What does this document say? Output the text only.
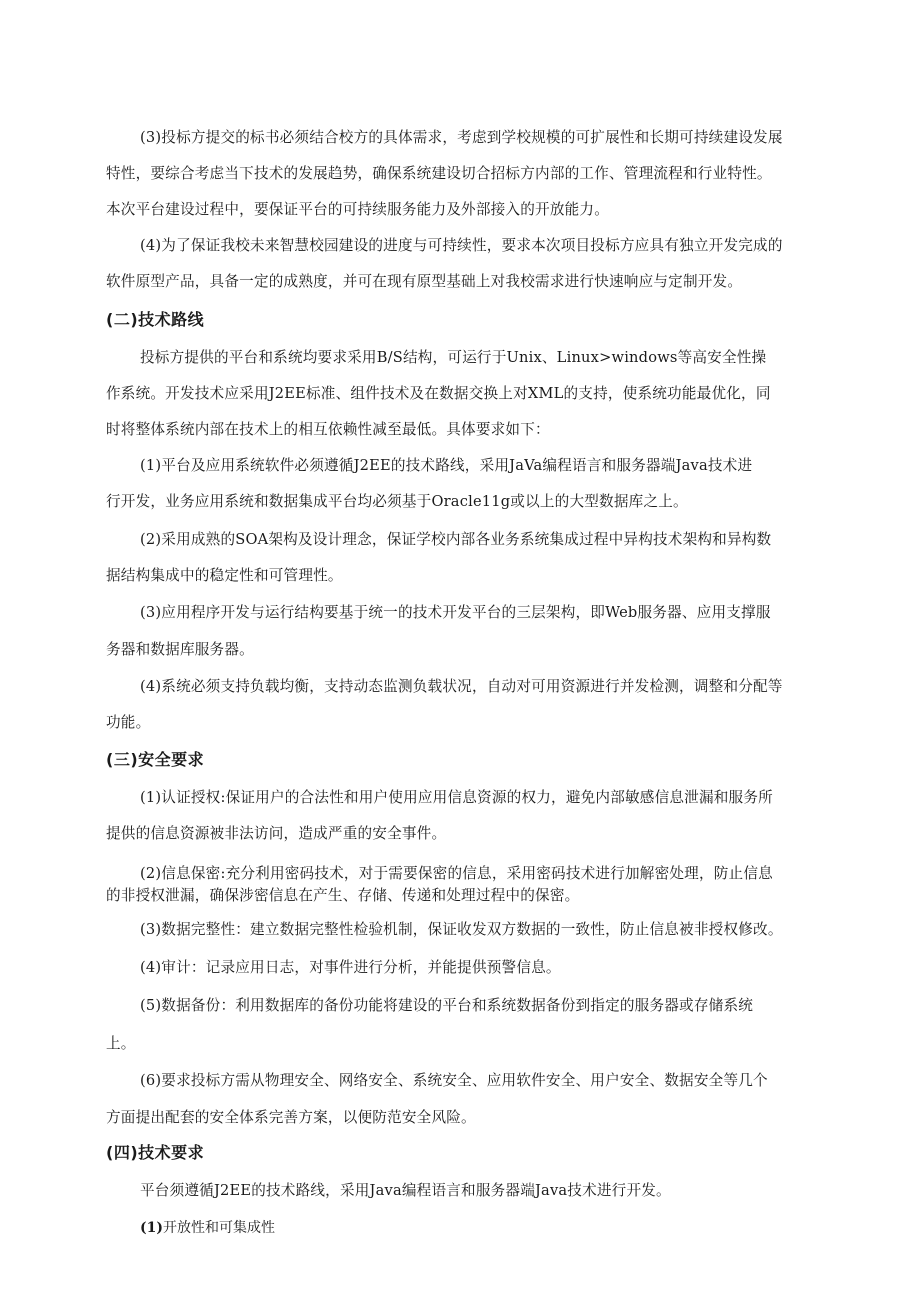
(3)投标方提交的标书必须结合校方的具体需求，考虑到学校规模的可扩展性和长期可持续建设发展
特性，要综合考虑当下技术的发展趋势，确保系统建设切合招标方内部的工作、管理流程和行业特性。
本次平台建设过程中，要保证平台的可持续服务能力及外部接入的开放能力。
(4)为了保证我校未来智慧校园建设的进度与可持续性，要求本次项目投标方应具有独立开发完成的
软件原型产品，具备一定的成熟度，并可在现有原型基础上对我校需求进行快速响应与定制开发。
(二)技术路线
投标方提供的平台和系统均要求采用B/S结构，可运行于Unix、Linux>windows等高安全性操
作系统。开发技术应采用J2EE标准、组件技术及在数据交换上对XML的支持，使系统功能最优化，同
时将整体系统内部在技术上的相互依赖性减至最低。具体要求如下：
(1)平台及应用系统软件必须遵循J2EE的技术路线，采用JaVa编程语言和服务器端Java技术进
行开发，业务应用系统和数据集成平台均必须基于Oracle11g或以上的大型数据库之上。
(2)采用成熟的SOA架构及设计理念，保证学校内部各业务系统集成过程中异构技术架构和异构数
据结构集成中的稳定性和可管理性。
(3)应用程序开发与运行结构要基于统一的技术开发平台的三层架构，即Web服务器、应用支撑服
务器和数据库服务器。
(4)系统必须支持负载均衡，支持动态监测负载状况，自动对可用资源进行并发检测，调整和分配等
功能。
(三)安全要求
(1)认证授权:保证用户的合法性和用户使用应用信息资源的权力，避免内部敏感信息泄漏和服务所
提供的信息资源被非法访问，造成严重的安全事件。
(2)信息保密:充分利用密码技术，对于需要保密的信息，采用密码技术进行加解密处理，防止信息
的非授权泄漏，确保涉密信息在产生、存储、传递和处理过程中的保密。
(3)数据完整性：建立数据完整性检验机制，保证收发双方数据的一致性，防止信息被非授权修改。
(4)审计：记录应用日志，对事件进行分析，并能提供预警信息。
(5)数据备份：利用数据库的备份功能将建设的平台和系统数据备份到指定的服务器或存储系统
上。
(6)要求投标方需从物理安全、网络安全、系统安全、应用软件安全、用户安全、数据安全等几个
方面提出配套的安全体系完善方案，以便防范安全风险。
(四)技术要求
平台须遵循J2EE的技术路线，采用Java编程语言和服务器端Java技术进行开发。
(1)开放性和可集成性
